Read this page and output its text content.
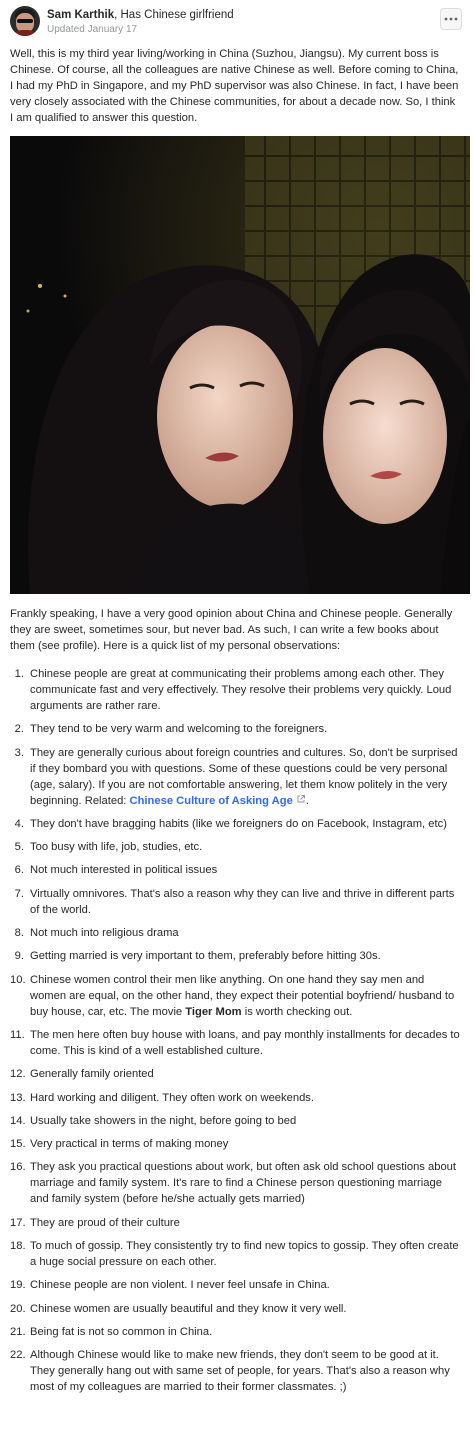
Sam Karthik, Has Chinese girlfriend
Updated January 17

Well, this is my third year living/working in China (Suzhou, Jiangsu). My current boss is Chinese. Of course, all the colleagues are native Chinese as well. Before coming to China, I had my PhD in Singapore, and my PhD supervisor was also Chinese. In fact, I have been very closely associated with the Chinese communities, for about a decade now. So, I think I am qualified to answer this question.

Frankly speaking, I have a very good opinion about China and Chinese people. Generally they are sweet, sometimes sour, but never bad. As such, I can write a few books about them (see profile). Here is a quick list of my personal observations:

1. Chinese people are great at communicating their problems among each other. They communicate fast and very effectively. They resolve their problems very quickly. Loud arguments are rather rare.
2. They tend to be very warm and welcoming to the foreigners.
3. They are generally curious about foreign countries and cultures. So, don't be surprised if they bombard you with questions. Some of these questions could be very personal (age, salary). If you are not comfortable answering, let them know politely in the very beginning. Related: Chinese Culture of Asking Age .
4. They don't have bragging habits (like we foreigners do on Facebook, Instagram, etc)
5. Too busy with life, job, studies, etc.
6. Not much interested in political issues
7. Virtually omnivores. That's also a reason why they can live and thrive in different parts of the world.
8. Not much into religious drama
9. Getting married is very important to them, preferably before hitting 30s.
10. Chinese women control their men like anything. On one hand they say men and women are equal, on the other hand, they expect their potential boyfriend/ husband to buy house, car, etc. The movie Tiger Mom is worth checking out.
11. The men here often buy house with loans, and pay monthly installments for decades to come. This is kind of a well established culture.
12. Generally family oriented
13. Hard working and diligent. They often work on weekends.
14. Usually take showers in the night, before going to bed
15. Very practical in terms of making money
16. They ask you practical questions about work, but often ask old school questions about marriage and family system. It's rare to find a Chinese person questioning marriage and family system (before he/she actually gets married)
17. They are proud of their culture
18. To much of gossip. They consistently try to find new topics to gossip. They often create a huge social pressure on each other.
19. Chinese people are non violent. I never feel unsafe in China.
20. Chinese women are usually beautiful and they know it very well.
21. Being fat is not so common in China.
22. Although Chinese would like to make new friends, they don't seem to be good at it. They generally hang out with same set of people, for years. That's also a reason why most of my colleagues are married to their former classmates. ;)
